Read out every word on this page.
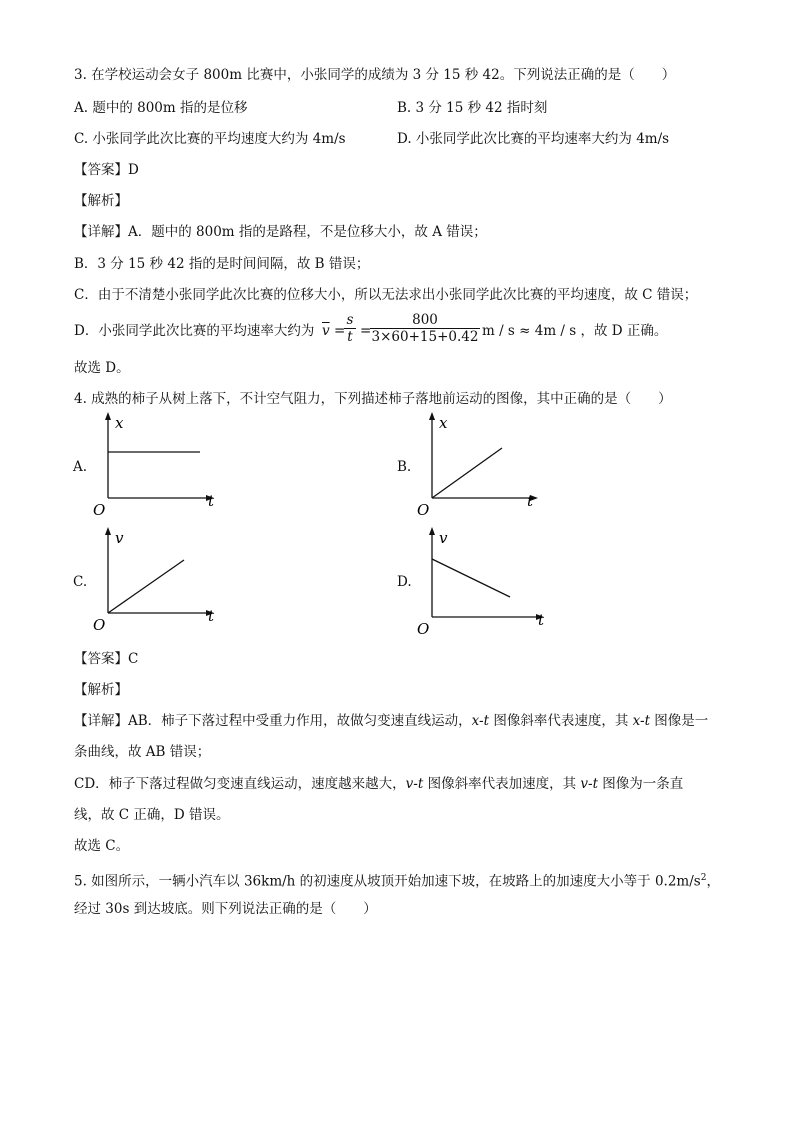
3. 在学校运动会女子 800m 比赛中，小张同学的成绩为 3 分 15 秒 42。下列说法正确的是（　　）
A. 题中的 800m 指的是位移	B. 3 分 15 秒 42 指时刻
C. 小张同学此次比赛的平均速度大约为 4m/s	D. 小张同学此次比赛的平均速率大约为 4m/s
【答案】D
【解析】
【详解】A．题中的 800m 指的是路程，不是位移大小，故 A 错误；
B．3 分 15 秒 42 指的是时间间隔，故 B 错误；
C．由于不清楚小张同学此次比赛的位移大小，所以无法求出小张同学此次比赛的平均速度，故 C 错误；
D．小张同学此次比赛的平均速率大约为 $\overline{v}$ =
$\frac{s}{t}$ =
$\frac{800}{3\times 60+15+0.42}$ m / s ≈ 4m / s ，故 D 正确。
故选 D。
4. 成熟的柿子从树上落下，不计空气阻力，下列描述柿子落地前运动的图像，其中正确的是（　　）
A.
x
t
O
B.
x
t
O
C.
v
t
O
D.
v
t
O
【答案】C
【解析】
【详解】AB．柿子下落过程中受重力作用，故做匀变速直线运动，x-t 图像斜率代表速度，其 x-t 图像是一
条曲线，故 AB 错误；
CD．柿子下落过程做匀变速直线运动，速度越来越大，v-t 图像斜率代表加速度，其 v-t 图像为一条直
线，故 C 正确，D 错误。
故选 C。
5. 如图所示，一辆小汽车以 36km/h 的初速度从坡顶开始加速下坡，在坡路上的加速度大小等于 $0.2m/s^2$，
经过 30s 到达坡底。则下列说法正确的是（　　）
